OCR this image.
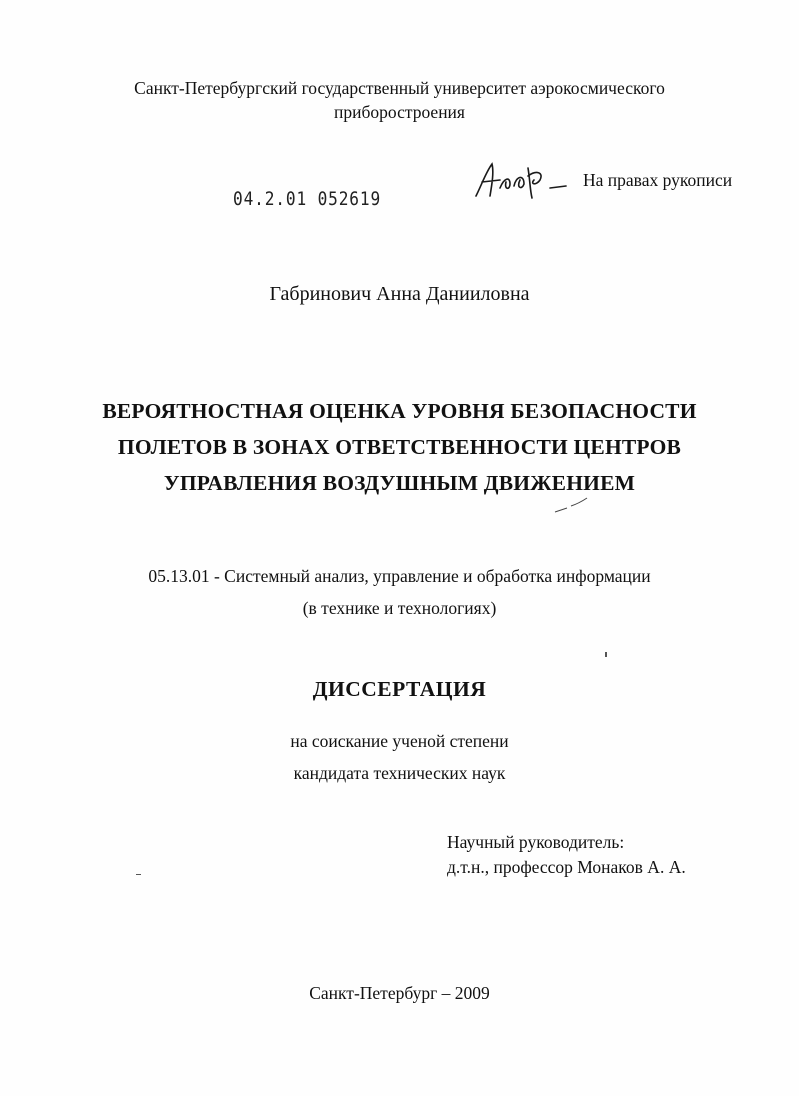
Санкт-Петербургский государственный университет аэрокосмического
приборостроения
04.2.01 052619
На правах рукописи
Габринович Анна Данииловна
ВЕРОЯТНОСТНАЯ ОЦЕНКА УРОВНЯ БЕЗОПАСНОСТИ
ПОЛЕТОВ В ЗОНАХ ОТВЕТСТВЕННОСТИ ЦЕНТРОВ
УПРАВЛЕНИЯ ВОЗДУШНЫМ ДВИЖЕНИЕМ
05.13.01 - Системный анализ, управление и обработка информации
(в технике и технологиях)
ДИССЕРТАЦИЯ
на соискание ученой степени
кандидата технических наук
Научный руководитель:
д.т.н., профессор Монаков А. А.
Санкт-Петербург – 2009
